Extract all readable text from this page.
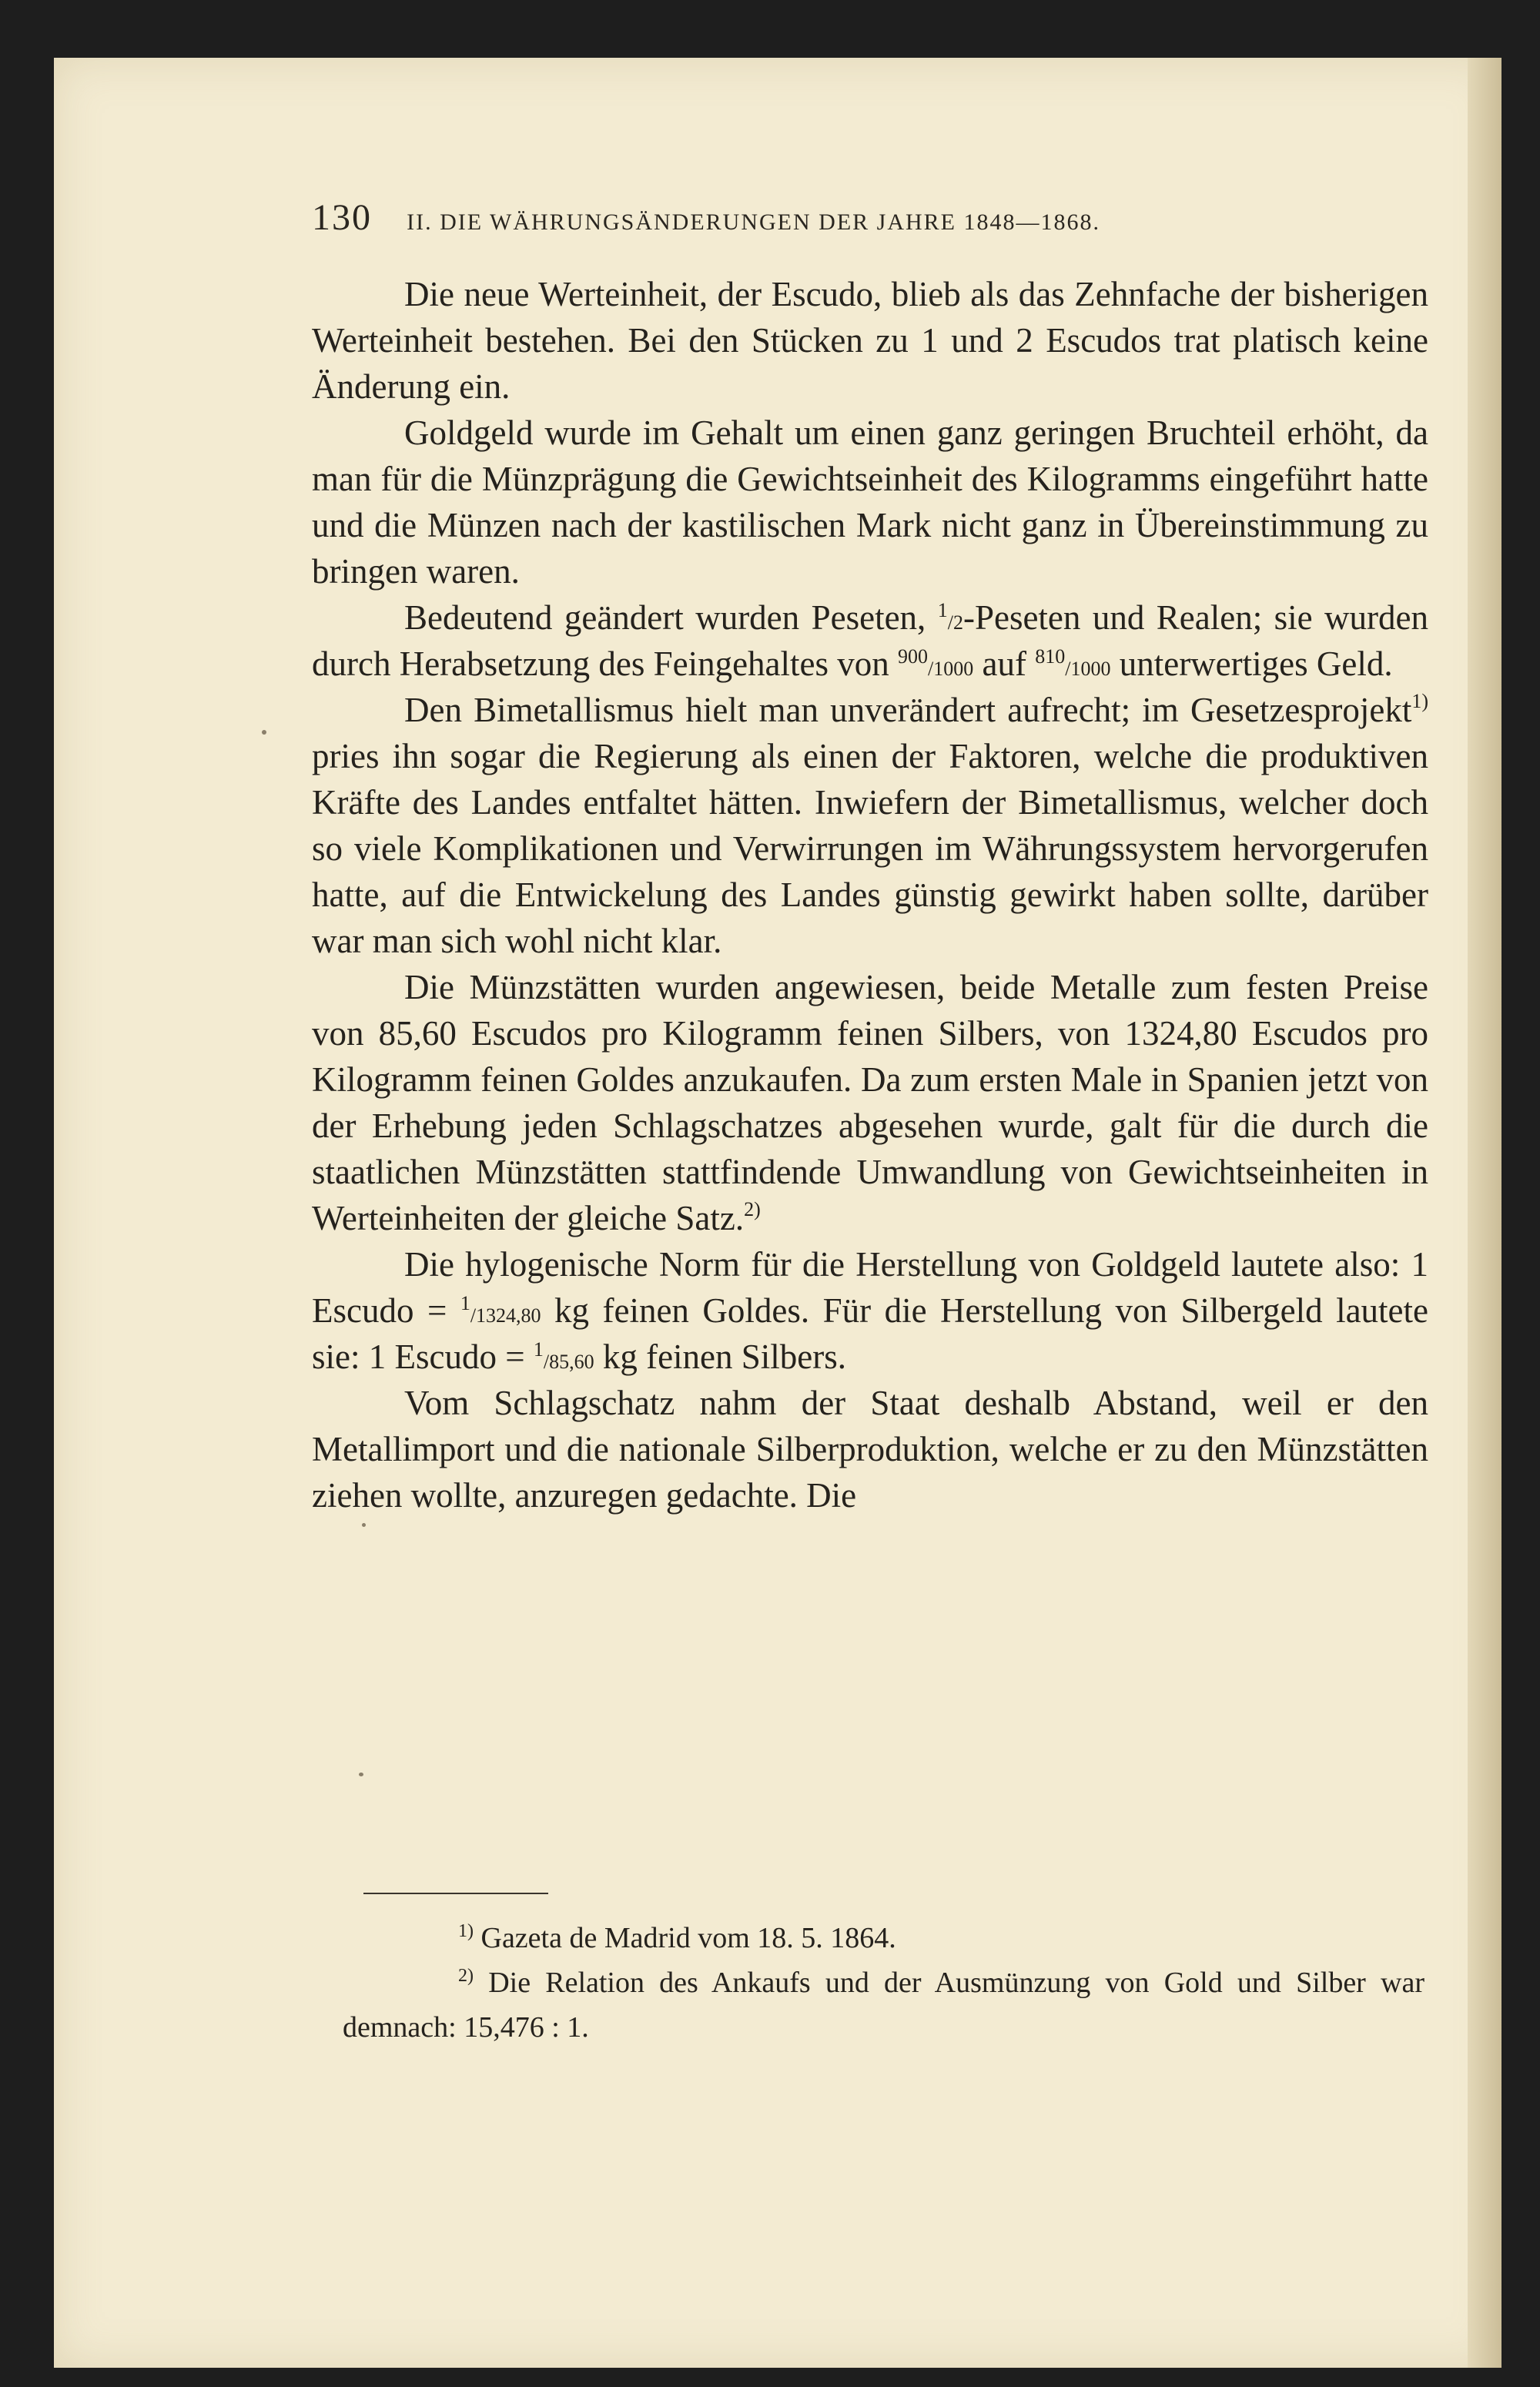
130 II. DIE WÄHRUNGSÄNDERUNGEN DER JAHRE 1848—1868.

Die neue Werteinheit, der Escudo, blieb als das Zehnfache der bisherigen Werteinheit bestehen. Bei den Stücken zu 1 und 2 Escudos trat platisch keine Änderung ein.

Goldgeld wurde im Gehalt um einen ganz geringen Bruchteil erhöht, da man für die Münzprägung die Gewichtseinheit des Kilogramms eingeführt hatte und die Münzen nach der kastilischen Mark nicht ganz in Übereinstimmung zu bringen waren.

Bedeutend geändert wurden Peseten, $^1$/2-Peseten und Realen; sie wurden durch Herabsetzung des Feingehaltes von $^{900}$/1000 auf $^{810}$/1000 unterwertiges Geld.

Den Bimetallismus hielt man unverändert aufrecht; im Gesetzesprojekt$^{1)}$ pries ihn sogar die Regierung als einen der Faktoren, welche die produktiven Kräfte des Landes entfaltet hätten. Inwiefern der Bimetallismus, welcher doch so viele Komplikationen und Verwirrungen im Währungssystem hervorgerufen hatte, auf die Entwickelung des Landes günstig gewirkt haben sollte, darüber war man sich wohl nicht klar.

Die Münzstätten wurden angewiesen, beide Metalle zum festen Preise von 85,60 Escudos pro Kilogramm feinen Silbers, von 1324,80 Escudos pro Kilogramm feinen Goldes anzukaufen. Da zum ersten Male in Spanien jetzt von der Erhebung jeden Schlagschatzes abgesehen wurde, galt für die durch die staatlichen Münzstätten stattfindende Umwandlung von Gewichtseinheiten in Werteinheiten der gleiche Satz.$^{2)}$

Die hylogenische Norm für die Herstellung von Goldgeld lautete also: 1 Escudo = $^1$/1324,80 kg feinen Goldes. Für die Herstellung von Silbergeld lautete sie: 1 Escudo = $^1$/85,60 kg feinen Silbers.

Vom Schlagschatz nahm der Staat deshalb Abstand, weil er den Metallimport und die nationale Silberproduktion, welche er zu den Münzstätten ziehen wollte, anzuregen gedachte. Die

$^{1)}$ Gazeta de Madrid vom 18. 5. 1864.

$^{2)}$ Die Relation des Ankaufs und der Ausmünzung von Gold und Silber war demnach: 15,476 : 1.
